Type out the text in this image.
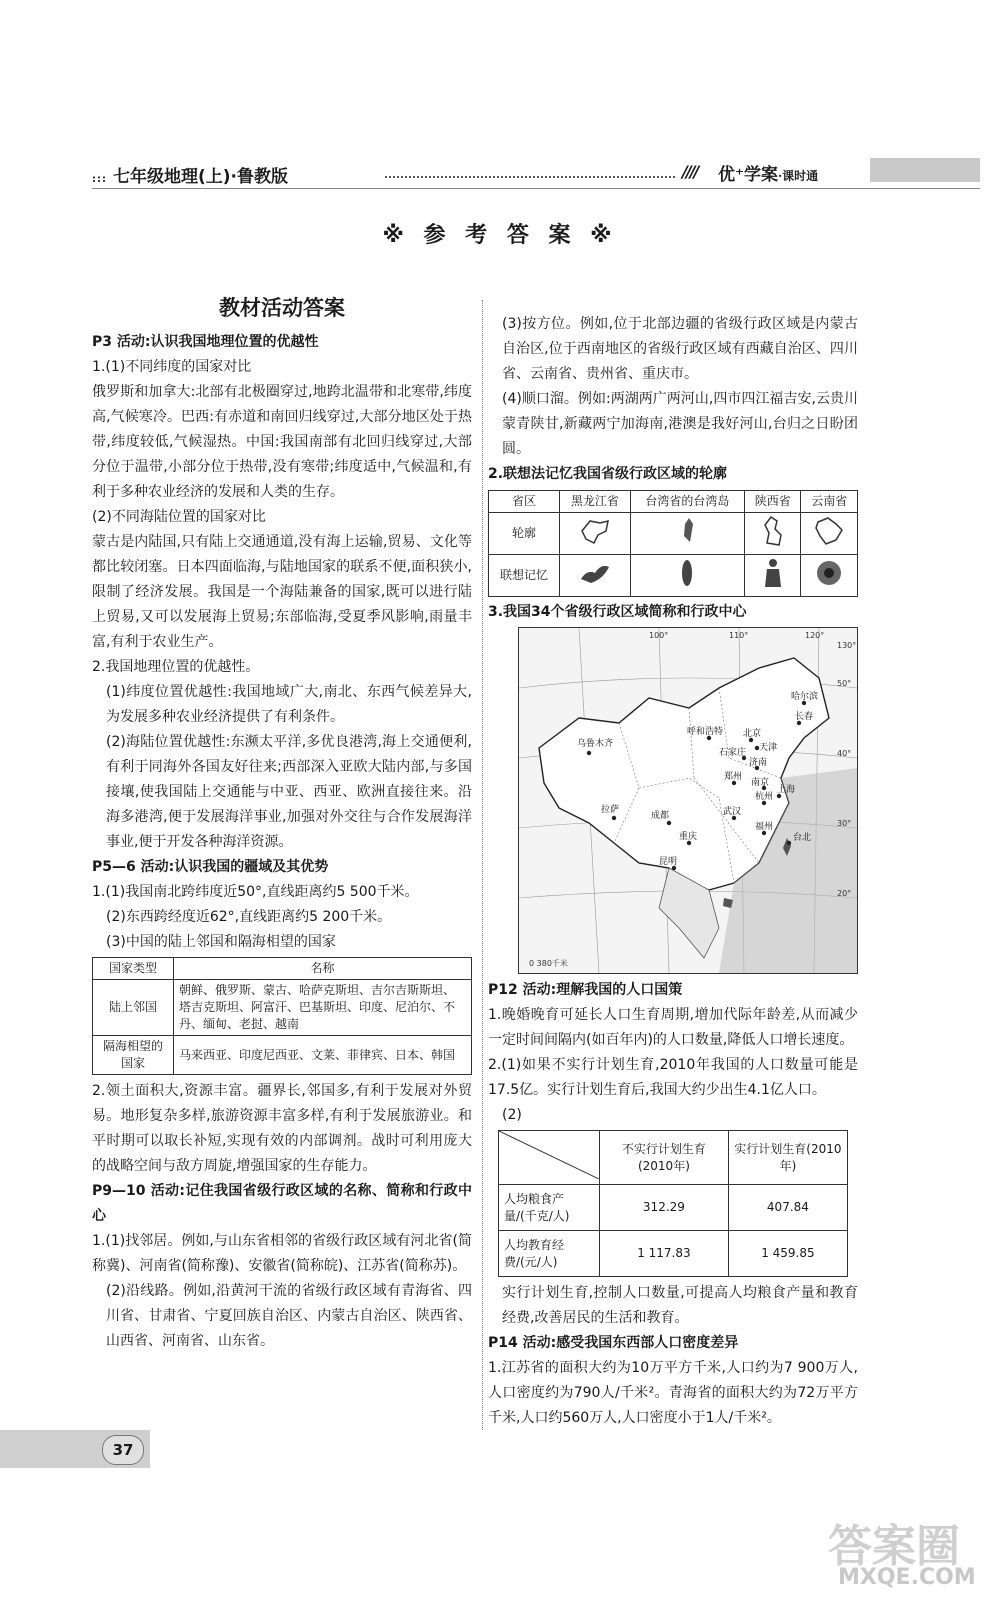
::: 七年级地理(上)·鲁教版	//// 优⁺学案·课时通
※ 参 考 答 案 ※
教材活动答案

P3 活动:认识我国地理位置的优越性

1.(1)不同纬度的国家对比

俄罗斯和加拿大:北部有北极圈穿过,地跨北温带和北寒带,纬度高,气候寒冷。巴西:有赤道和南回归线穿过,大部分地区处于热带,纬度较低,气候湿热。中国:我国南部有北回归线穿过,大部分位于温带,小部分位于热带,没有寒带;纬度适中,气候温和,有利于多种农业经济的发展和人类的生存。

(2)不同海陆位置的国家对比

蒙古是内陆国,只有陆上交通通道,没有海上运输,贸易、文化等都比较闭塞。日本四面临海,与陆地国家的联系不便,面积狭小,限制了经济发展。我国是一个海陆兼备的国家,既可以进行陆上贸易,又可以发展海上贸易;东部临海,受夏季风影响,雨量丰富,有利于农业生产。

2.我国地理位置的优越性。

(1)纬度位置优越性:我国地域广大,南北、东西气候差异大,为发展多种农业经济提供了有利条件。

(2)海陆位置优越性:东濒太平洋,多优良港湾,海上交通便利,有利于同海外各国友好往来;西部深入亚欧大陆内部,与多国接壤,使我国陆上交通能与中亚、西亚、欧洲直接往来。沿海多港湾,便于发展海洋事业,加强对外交往与合作发展海洋事业,便于开发各种海洋资源。

P5—6 活动:认识我国的疆域及其优势

1.(1)我国南北跨纬度近50°,直线距离约5 500千米。

(2)东西跨经度近62°,直线距离约5 200千米。

(3)中国的陆上邻国和隔海相望的国家

国家类型	名称
陆上邻国	朝鲜、俄罗斯、蒙古、哈萨克斯坦、吉尔吉斯斯坦、塔吉克斯坦、阿富汗、巴基斯坦、印度、尼泊尔、不丹、缅甸、老挝、越南
隔海相望的国家	马来西亚、印度尼西亚、文莱、菲律宾、日本、韩国

2.领土面积大,资源丰富。疆界长,邻国多,有利于发展对外贸易。地形复杂多样,旅游资源丰富多样,有利于发展旅游业。和平时期可以取长补短,实现有效的内部调剂。战时可利用庞大的战略空间与敌方周旋,增强国家的生存能力。

P9—10 活动:记住我国省级行政区域的名称、简称和行政中心

1.(1)找邻居。例如,与山东省相邻的省级行政区域有河北省(简称冀)、河南省(简称豫)、安徽省(简称皖)、江苏省(简称苏)。

(2)沿线路。例如,沿黄河干流的省级行政区域有青海省、四川省、甘肃省、宁夏回族自治区、内蒙古自治区、陕西省、山西省、河南省、山东省。

(3)按方位。例如,位于北部边疆的省级行政区域是内蒙古自治区,位于西南地区的省级行政区域有西藏自治区、四川省、云南省、贵州省、重庆市。

(4)顺口溜。例如:两湖两广两河山,四市四江福吉安,云贵川蒙青陕甘,新藏两宁加海南,港澳是我好河山,台归之日盼团圆。

2.联想法记忆我国省级行政区域的轮廓

省区	黑龙江省	台湾省的台湾岛	陕西省	云南省
轮廓				
联想记忆				

3.我国34个省级行政区域简称和行政中心

乌鲁木齐
拉萨
成都
昆明
重庆
武汉
杭州
哈尔滨
长春
石家庄
济南
南京
上海
台北
呼和浩特 北京
天津
郑州
福州
100°	110°	120°
130°
50°
40°
30°
20°
0 380千米

P12 活动:理解我国的人口国策

1.晚婚晚育可延长人口生育周期,增加代际年龄差,从而减少一定时间间隔内(如百年内)的人口数量,降低人口增长速度。

2.(1)如果不实行计划生育,2010年我国的人口数量可能是17.5亿。实行计划生育后,我国大约少出生4.1亿人口。

(2)

	不实行计划生育(2010年)	实行计划生育(2010年)
人均粮食产量/(千克/人)	312.29	407.84
人均教育经费/(元/人)	1 117.83	1 459.85

实行计划生育,控制人口数量,可提高人均粮食产量和教育经费,改善居民的生活和教育。

P14 活动:感受我国东西部人口密度差异

1.江苏省的面积大约为10万平方千米,人口约为7 900万人,人口密度约为790人/千米²。青海省的面积大约为72万平方千米,人口约560万人,人口密度小于1人/千米²。

37
答案圈
MXQE.COM
